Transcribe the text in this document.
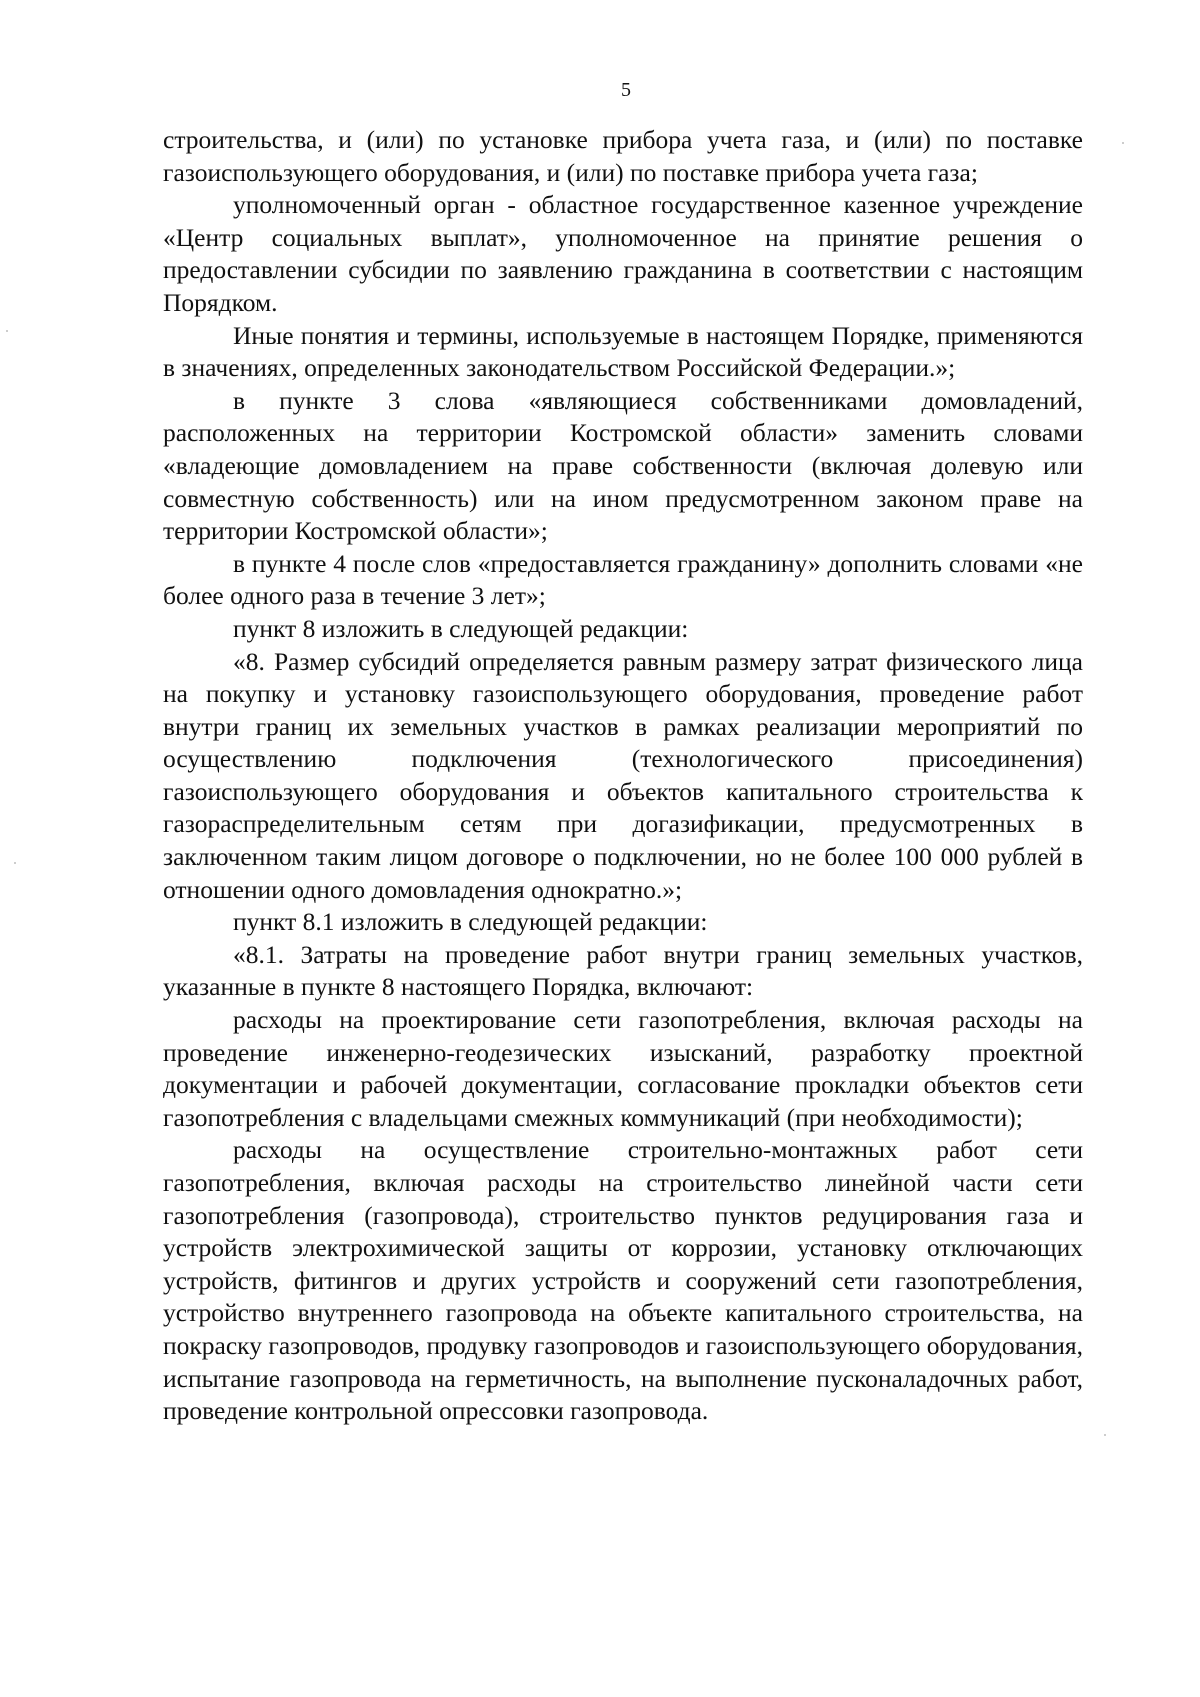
5

строительства, и (или) по установке прибора учета газа, и (или) по поставке газоиспользующего оборудования, и (или) по поставке прибора учета газа;

уполномоченный орган - областное государственное казенное учреждение «Центр социальных выплат», уполномоченное на принятие решения о предоставлении субсидии по заявлению гражданина в соответствии с настоящим Порядком.

Иные понятия и термины, используемые в настоящем Порядке, применяются в значениях, определенных законодательством Российской Федерации.»;

в пункте 3 слова «являющиеся собственниками домовладений, расположенных на территории Костромской области» заменить словами «владеющие домовладением на праве собственности (включая долевую или совместную собственность) или на ином предусмотренном законом праве на территории Костромской области»;

в пункте 4 после слов «предоставляется гражданину» дополнить словами «не более одного раза в течение 3 лет»;

пункт 8 изложить в следующей редакции:

«8. Размер субсидий определяется равным размеру затрат физического лица на покупку и установку газоиспользующего оборудования, проведение работ внутри границ их земельных участков в рамках реализации мероприятий по осуществлению подключения (технологического присоединения) газоиспользующего оборудования и объектов капитального строительства к газораспределительным сетям при догазификации, предусмотренных в заключенном таким лицом договоре о подключении, но не более 100 000 рублей в отношении одного домовладения однократно.»;

пункт 8.1 изложить в следующей редакции:

«8.1. Затраты на проведение работ внутри границ земельных участков, указанные в пункте 8 настоящего Порядка, включают:

расходы на проектирование сети газопотребления, включая расходы на проведение инженерно-геодезических изысканий, разработку проектной документации и рабочей документации, согласование прокладки объектов сети газопотребления с владельцами смежных коммуникаций (при необходимости);

расходы на осуществление строительно-монтажных работ сети газопотребления, включая расходы на строительство линейной части сети газопотребления (газопровода), строительство пунктов редуцирования газа и устройств электрохимической защиты от коррозии, установку отключающих устройств, фитингов и других устройств и сооружений сети газопотребления, устройство внутреннего газопровода на объекте капитального строительства, на покраску газопроводов, продувку газопроводов и газоиспользующего оборудования, испытание газопровода на герметичность, на выполнение пусконаладочных работ, проведение контрольной опрессовки газопровода.
